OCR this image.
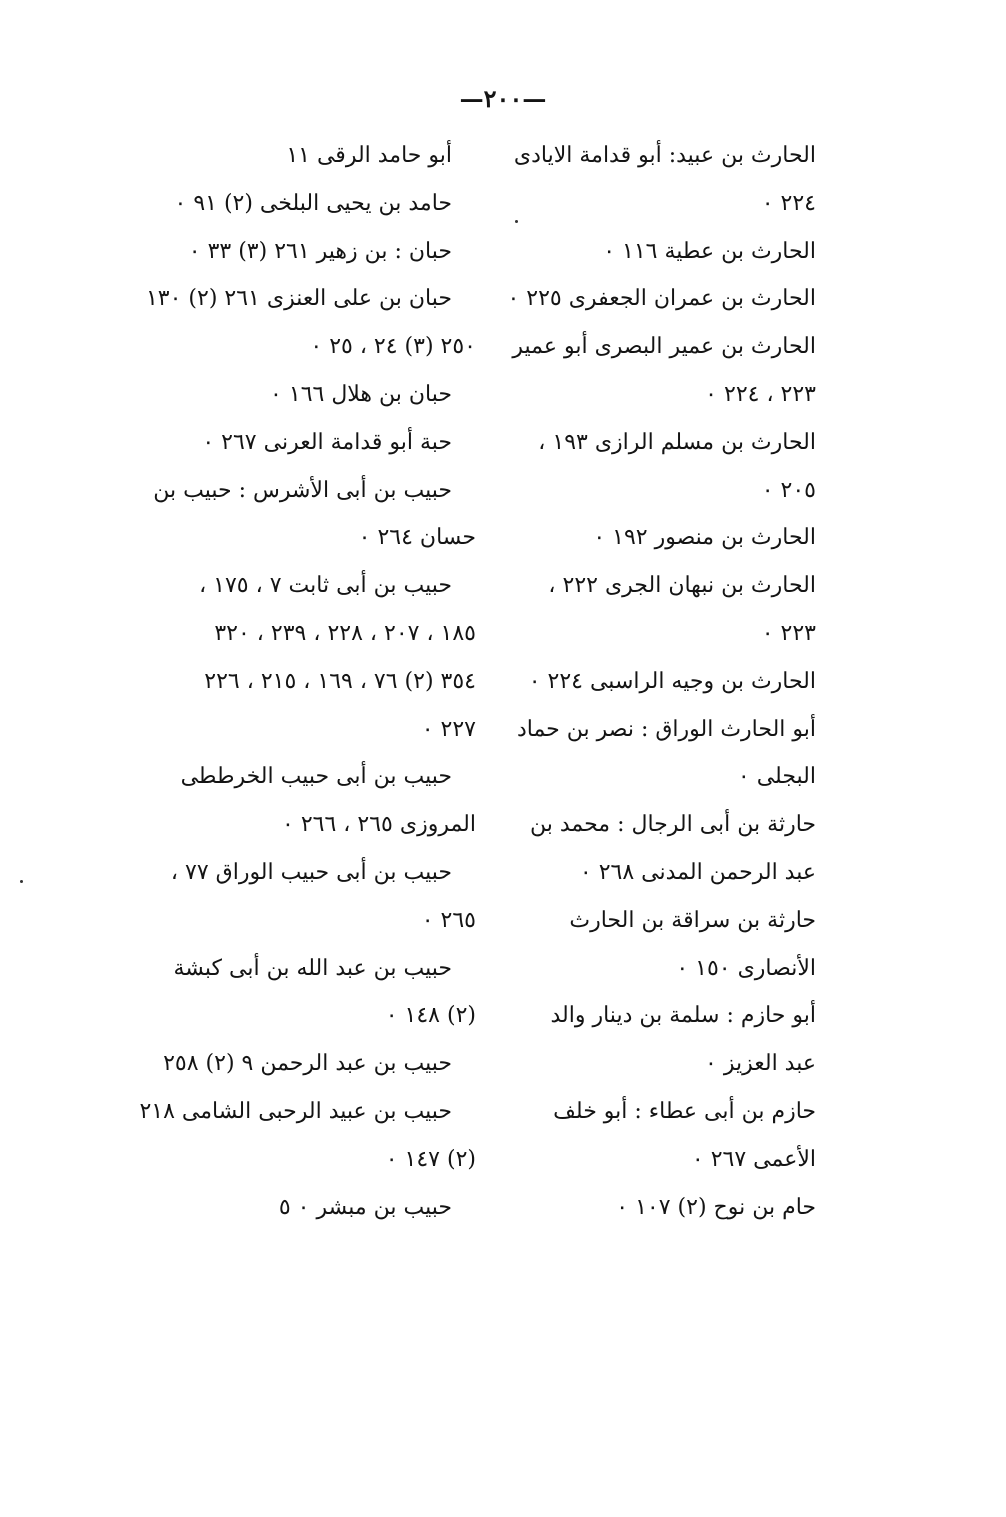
—٢٠٠—
الحارث بن عبيد: أبو قدامة الايادى
٢٢٤ ٠
الحارث بن عطية ١١٦ ٠
الحارث بن عمران الجعفرى ٢٢٥ ٠
الحارث بن عمير البصرى أبو عمير
٢٢٣ ، ٢٢٤ ٠
الحارث بن مسلم الرازى ١٩٣ ،
٢٠٥ ٠
الحارث بن منصور ١٩٢ ٠
الحارث بن نبهان الجرى ٢٢٢ ،
٢٢٣ ٠
الحارث بن وجيه الراسبى ٢٢٤ ٠
أبو الحارث الوراق : نصر بن حماد
البجلى ٠
حارثة بن أبى الرجال : محمد بن
عبد الرحمن المدنى ٢٦٨ ٠
حارثة بن سراقة بن الحارث
الأنصارى ١٥٠ ٠
أبو حازم : سلمة بن دينار والد
عبد العزيز ٠
حازم بن أبى عطاء : أبو خلف
الأعمى ٢٦٧ ٠
حام بن نوح (٢) ١٠٧ ٠
أبو حامد الرقى ١١
حامد بن يحيى البلخى (٢) ٩١ ٠
حبان : بن زهير ٢٦١ (٣) ٣٣ ٠
حبان بن على العنزى ٢٦١ (٢) ١٣٠
٢٥٠ (٣) ٢٤ ، ٢٥ ٠
حبان بن هلال ١٦٦ ٠
حبة أبو قدامة العرنى ٢٦٧ ٠
حبيب بن أبى الأشرس : حبيب بن
حسان ٢٦٤ ٠
حبيب بن أبى ثابت ٧ ، ١٧٥ ،
١٨٥ ، ٢٠٧ ، ٢٢٨ ، ٢٣٩ ، ٣٢٠
٣٥٤ (٢) ٧٦ ، ١٦٩ ، ٢١٥ ، ٢٢٦
٢٢٧ ٠
حبيب بن أبى حبيب الخرططى
المروزى ٢٦٥ ، ٢٦٦ ٠
حبيب بن أبى حبيب الوراق ٧٧ ،
٢٦٥ ٠
حبيب بن عبد الله بن أبى كبشة
(٢) ١٤٨ ٠
حبيب بن عبد الرحمن ٩ (٢) ٢٥٨
حبيب بن عبيد الرحبى الشامى ٢١٨
(٢) ١٤٧ ٠
حبيب بن مبشر ٠ ٥
